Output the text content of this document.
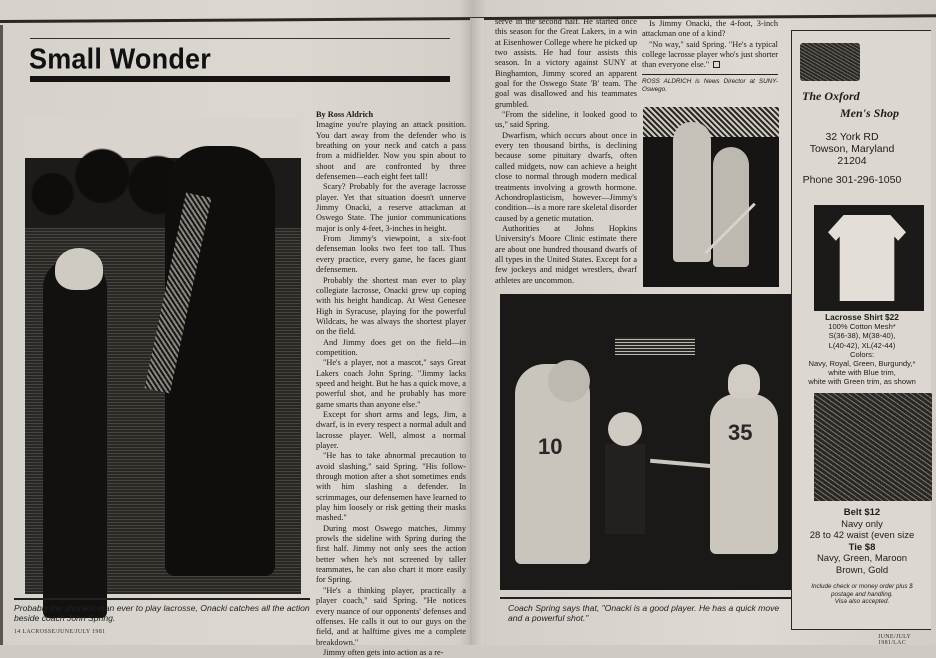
Small Wonder
Probably the shortest man ever to play lacrosse, Onacki catches all the action beside coach John Spring.
14 LACROSSE/JUNE/JULY 1981
By Ross Aldrich

Imagine you're playing an attack position. You dart away from the defender who is breathing on your neck and catch a pass from a midfielder. Now you spin about to shoot and are confronted by three defensemen—each eight feet tall!

Scary? Probably for the average lacrosse player. Yet that situation doesn't unnerve Jimmy Onacki, a reserve attackman at Oswego State. The junior communications major is only 4-feet, 3-inches in height.

From Jimmy's viewpoint, a six-foot defenseman looks two feet too tall. Thus every practice, every game, he faces giant defensemen.

Probably the shortest man ever to play collegiate lacrosse, Onacki grew up coping with his height handicap. At West Genesee High in Syracuse, playing for the powerful Wildcats, he was always the shortest player on the field.

And Jimmy does get on the field—in competition.

"He's a player, not a mascot," says Great Lakers coach John Spring. "Jimmy lacks speed and height. But he has a quick move, a powerful shot, and he probably has more game smarts than anyone else."

Except for short arms and legs, Jim, a dwarf, is in every respect a normal adult and lacrosse player. Well, almost a normal player.

"He has to take abnormal precaution to avoid slashing," said Spring. "His follow-through motion after a shot sometimes ends with him slashing a defender. In scrimmages, our defensemen have learned to play him loosely or risk getting their masks mashed."

During most Oswego matches, Jimmy prowls the sideline with Spring during the first half. Jimmy not only sees the action better when he's not screened by taller teammates, he can also chart it more easily for Spring.

"He's a thinking player, practically a player coach," said Spring. "He notices every nuance of our opponents' defenses and offenses. He calls it out to our guys on the field, and at halftime gives me a complete breakdown."

Jimmy often gets into action as a re-

serve in the second half. He started once this season for the Great Lakers, in a win at Eisenhower College where he picked up two assists. He had four assists this season. In a victory against SUNY at Binghamton, Jimmy scored an apparent goal for the Oswego State 'B' team. The goal was disallowed and his teammates grumbled.

"From the sideline, it looked good to us," said Spring.

Dwarfism, which occurs about once in every ten thousand births, is declining because some pituitary dwarfs, often called midgets, now can achieve a height close to normal through modern medical treatments involving a growth hormone. Achondroplasticism, however—Jimmy's condition—is a more rare skeletal disorder caused by a genetic mutation.

Authorities at Johns Hopkins University's Moore Clinic estimate there are about one hundred thousand dwarfs of all types in the United States. Except for a few jockeys and midget wrestlers, dwarf athletes are uncommon.

Is Jimmy Onacki, the 4-foot, 3-inch attackman one of a kind?

"No way," said Spring. "He's a typical college lacrosse player who's just shorter than everyone else."

ROSS ALDRICH is News Director at SUNY-Oswego.
10
35
Coach Spring says that, "Onacki is a good player. He has a quick move and a powerful shot."
JUNE/JULY 1981/LAC
The Oxford
Men's Shop
32 York RD
Towson, Maryland
21204
Phone 301-296-1050
Lacrosse Shirt $22
100% Cotton Mesh*
S(36-38), M(38-40),
L(40-42), XL(42-44)
Colors:
Navy, Royal, Green, Burgundy,*
white with Blue trim,
white with Green trim, as shown
Belt $12
Navy only
28 to 42 waist (even size
Tie $8
Navy, Green, Maroon
Brown, Gold
Include check or money order plus $
postage and handling.
Visa also accepted.
